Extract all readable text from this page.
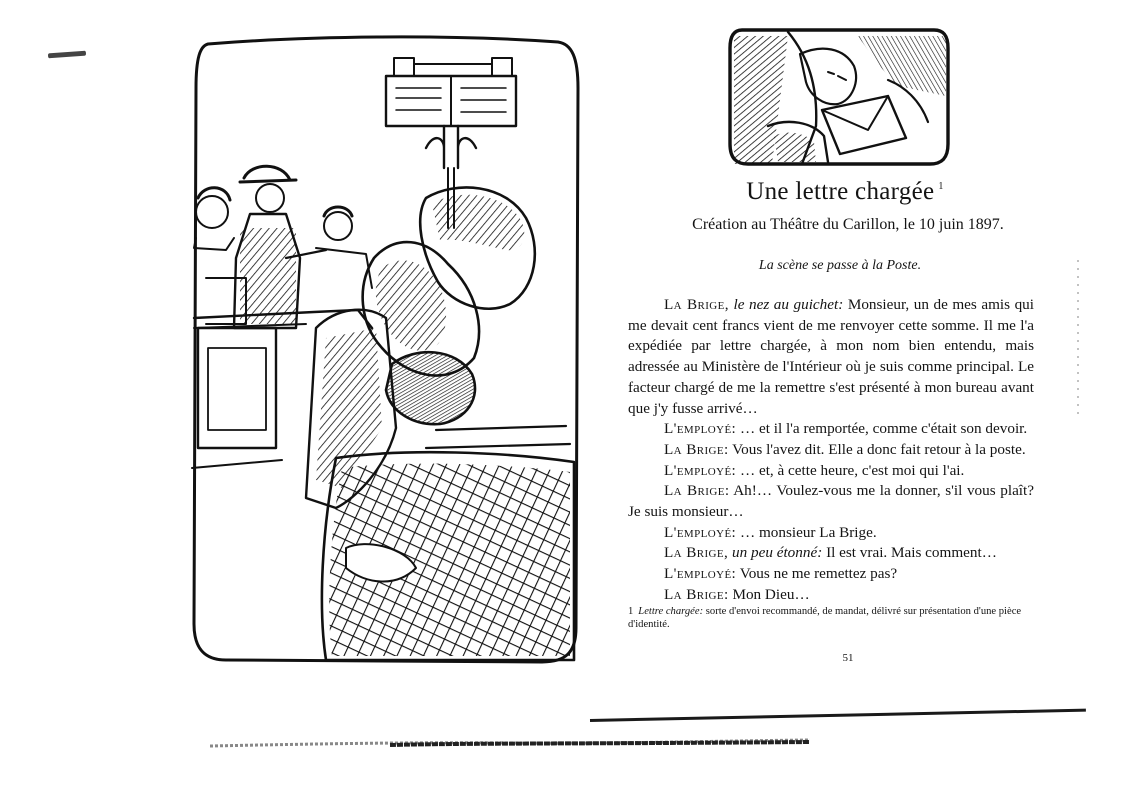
Une lettre chargée $^1$

Création au Théâtre du Carillon, le 10 juin 1897.

La scène se passe à la Poste.

La Brige, le nez au guichet: Monsieur, un de mes amis qui me devait cent francs vient de me renvoyer cette somme. Il me l'a expédiée par lettre chargée, à mon nom bien entendu, mais adressée au Ministère de l'Intérieur où je suis comme principal. Le facteur chargé de me la remettre s'est présenté à mon bureau avant que j'y fusse arrivé…
L'employé: … et il l'a remportée, comme c'était son devoir.
La Brige: Vous l'avez dit. Elle a donc fait retour à la poste.
L'employé: … et, à cette heure, c'est moi qui l'ai.
La Brige: Ah!… Voulez-vous me la donner, s'il vous plaît? Je suis monsieur…
L'employé: … monsieur La Brige.
La Brige, un peu étonné: Il est vrai. Mais comment…
L'employé: Vous ne me remettez pas?
La Brige: Mon Dieu…

1 Lettre chargée: sorte d'envoi recommandé, de mandat, délivré sur présentation d'une pièce d'identité.

51
